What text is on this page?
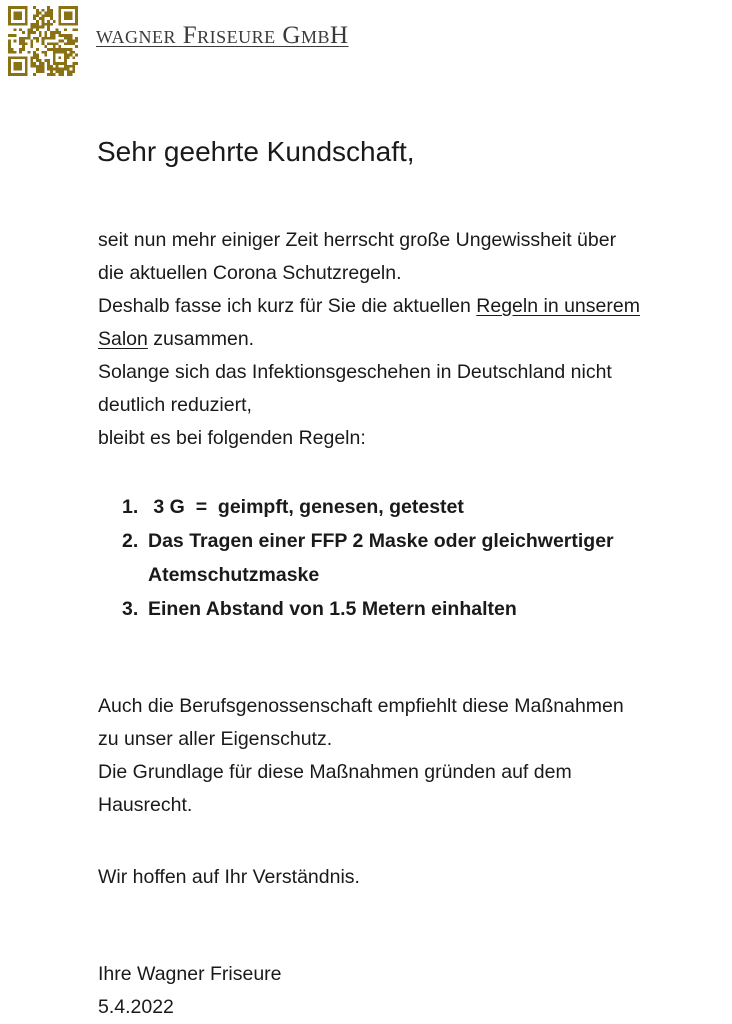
wagner Friseure GmbH
Sehr geehrte Kundschaft,

seit nun mehr einiger Zeit herrscht große Ungewissheit über

die aktuellen Corona Schutzregeln.

Deshalb fasse ich kurz für Sie die aktuellen Regeln in unserem

Salon zusammen.

Solange sich das Infektionsgeschehen in Deutschland nicht

deutlich reduziert,

bleibt es bei folgenden Regeln:

1. 3 G  =  geimpft, genesen, getestet
2. Das Tragen einer FFP 2 Maske oder gleichwertiger Atemschutzmaske
3. Einen Abstand von 1.5 Metern einhalten

Auch die Berufsgenossenschaft empfiehlt diese Maßnahmen

zu unser aller Eigenschutz.

Die Grundlage für diese Maßnahmen gründen auf dem

Hausrecht.

Wir hoffen auf Ihr Verständnis.

Ihre Wagner Friseure

5.4.2022
